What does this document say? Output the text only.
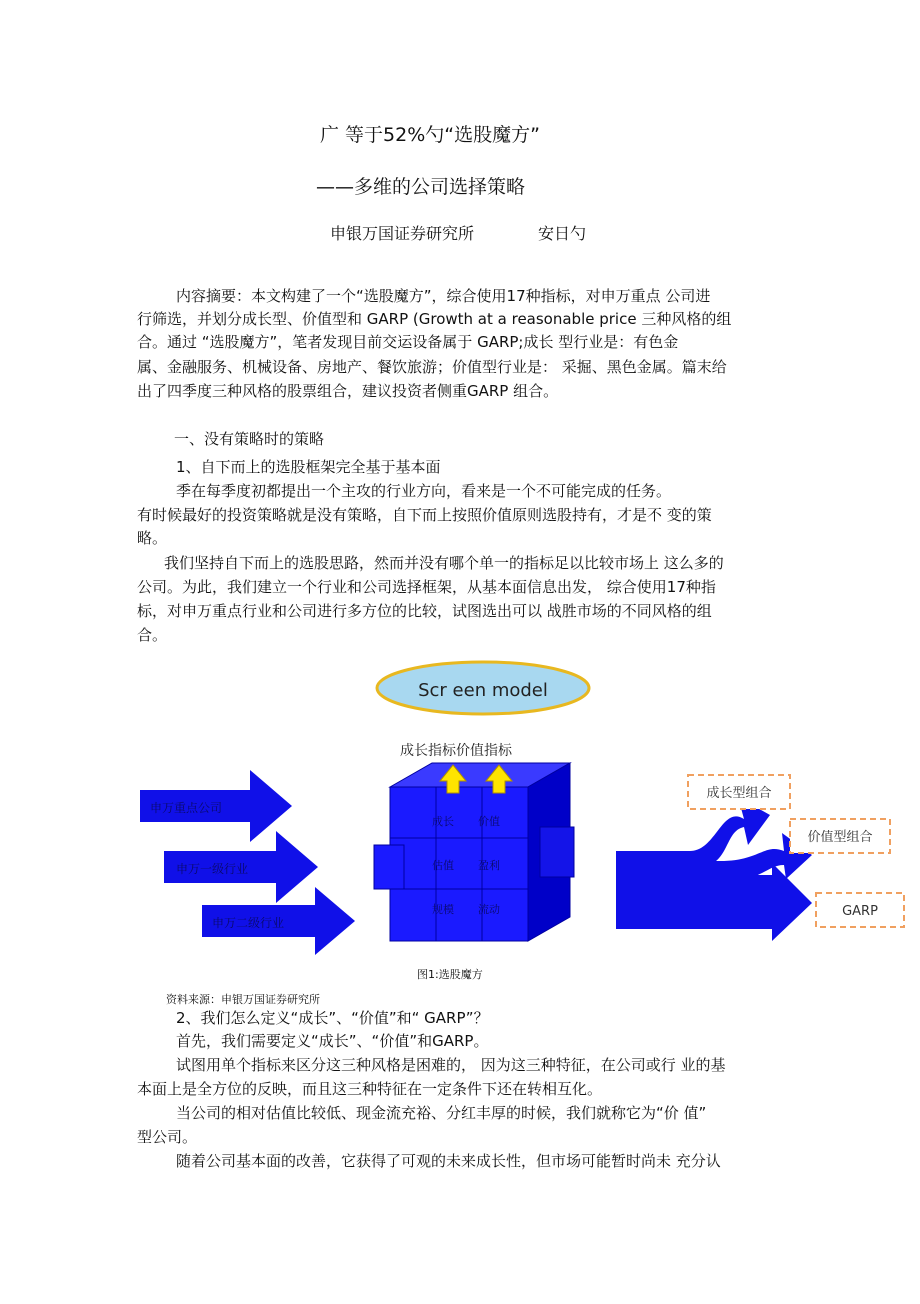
广 等于52%勺“选股魔方”
——多维的公司选择策略
申银万国证券研究所	安日勺
内容摘要：本文构建了一个“选股魔方”，综合使用17种指标，对申万重点 公司进
行筛选，并划分成长型、价值型和 GARP (Growth at a reasonable price 三种风格的组
合。通过 “选股魔方”，笔者发现目前交运设备属于 GARP;成长 型行业是：有色金
属、金融服务、机械设备、房地产、餐饮旅游；价值型行业是： 采掘、黑色金属。篇末给
出了四季度三种风格的股票组合，建议投资者侧重GARP 组合。
一、没有策略时的策略
1、自下而上的选股框架完全基于基本面
季在每季度初都提出一个主攻的行业方向，看来是一个不可能完成的任务。
有时候最好的投资策略就是没有策略，自下而上按照价值原则选股持有，才是不 变的策
略。
我们坚持自下而上的选股思路，然而并没有哪个单一的指标足以比较市场上 这么多的
公司。为此，我们建立一个行业和公司选择框架，从基本面信息出发， 综合使用17种指
标，对申万重点行业和公司进行多方位的比较，试图选出可以 战胜市场的不同风格的组
合。
Scr een model
成长指标价值指标
申万重点公司
申万一级行业
申万二级行业
成长 价值
估值 盈利
规模 流动
成长型组合
价值型组合
GARP
图1:选股魔方
资料来源：申银万国证券研究所
2、我们怎么定义“成长”、“价值”和“ GARP”？
首先，我们需要定义“成长”、“价值”和GARP。
试图用单个指标来区分这三种风格是困难的， 因为这三种特征，在公司或行 业的基
本面上是全方位的反映，而且这三种特征在一定条件下还在转相互化。
当公司的相对估值比较低、现金流充裕、分红丰厚的时候，我们就称它为“价 值”
型公司。
随着公司基本面的改善，它获得了可观的未来成长性，但市场可能暂时尚未 充分认
